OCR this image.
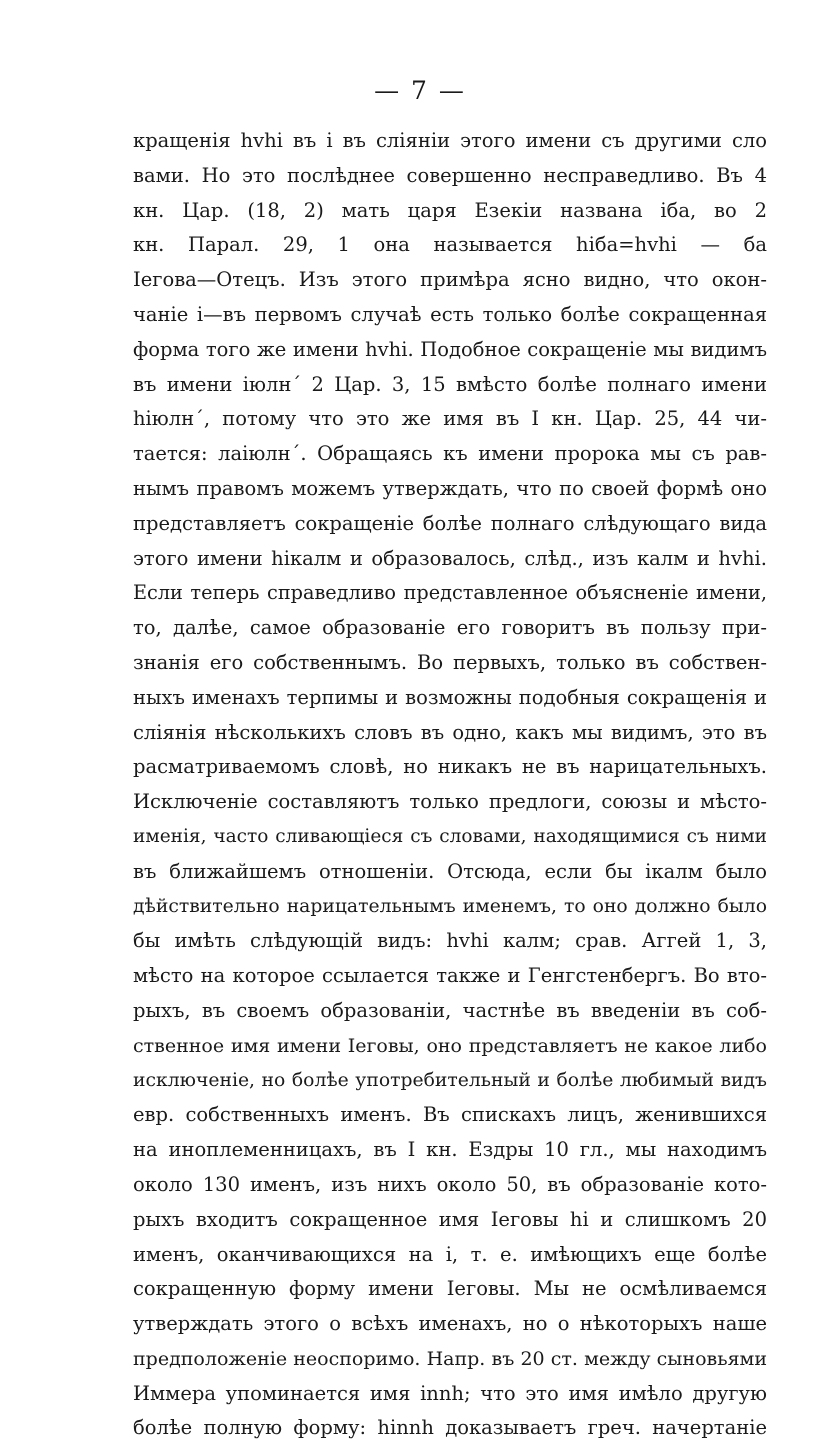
— 7 —
кращенія hvhi въ і въ сліяніи этого имени съ другими сло
вами. Но это послѣднее совершенно несправедливо. Въ 4
кн. Цар. (18, 2) мать царя Езекіи названа іба, во 2
кн. Парал. 29, 1 она называется hiба=hvhi — ба
Іегова—Отецъ. Изъ этого примѣра ясно видно, что окон-
чаніе і—въ первомъ случаѣ есть только болѣе сокращенная
форма того же имени hvhi. Подобное сокращеніе мы видимъ
въ имени іюлн΄ 2 Цар. 3, 15 вмѣсто болѣе полнаго имени
hiюлн΄, потому что это же имя въ I кн. Цар. 25, 44 чи-
тается: лаiюлн΄. Обращаясь къ имени пророка мы съ рав-
нымъ правомъ можемъ утверждать, что по своей формѣ оно
представляетъ сокращеніе болѣе полнаго слѣдующаго вида
этого имени hiкалм и образовалось, слѣд., изъ калм и hvhi.
Если теперь справедливо представленное объясненіе имени,
то, далѣе, самое образованіе его говоритъ въ пользу при-
знанія его собственнымъ. Во первыхъ, только въ собствен-
ныхъ именахъ терпимы и возможны подобныя сокращенія и
сліянія нѣсколькихъ словъ въ одно, какъ мы видимъ, это въ
расматриваемомъ словѣ, но никакъ не въ нарицательныхъ.
Исключеніе составляютъ только предлоги, союзы и мѣсто-
именія, часто сливающіеся съ словами, находящимися съ ними
въ ближайшемъ отношеніи. Отсюда, если бы iкалм было
дѣйствительно нарицательнымъ именемъ, то оно должно было
бы имѣть слѣдующій видъ: hvhi калм; срав. Аггей 1, 3,
мѣсто на которое ссылается также и Генгстенбергъ. Во вто-
рыхъ, въ своемъ образованіи, частнѣе въ введеніи въ соб-
ственное имя имени Іеговы, оно представляетъ не какое либо
исключеніе, но болѣе употребительный и болѣе любимый видъ
евр. собственныхъ именъ. Въ спискахъ лицъ, женившихся
на иноплеменницахъ, въ I кн. Ездры 10 гл., мы находимъ
около 130 именъ, изъ нихъ около 50, въ образованіе кото-
рыхъ входитъ сокращенное имя Іеговы hi и слишкомъ 20
именъ, оканчивающихся на і, т. е. имѣющихъ еще болѣе
сокращенную форму имени Іеговы. Мы не осмѣливаемся
утверждать этого о всѣхъ именахъ, но о нѣкоторыхъ наше
предположеніе неоспоримо. Напр. въ 20 ст. между сыновьями
Иммера упоминается имя іnnh; что это имя имѣло другую
болѣе полную форму: hinnh доказываетъ греч. начертаніе
